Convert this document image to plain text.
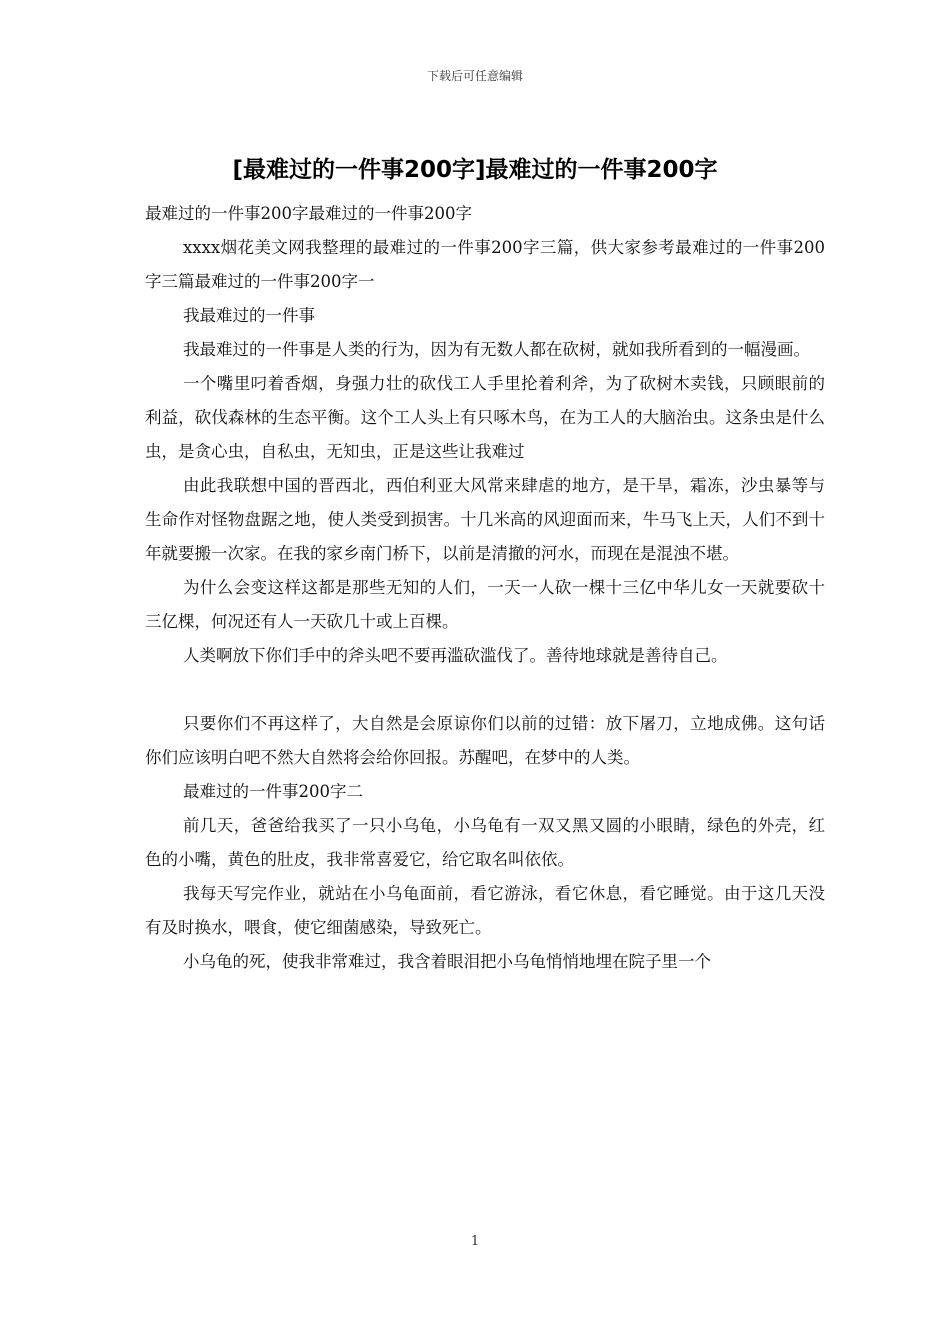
下载后可任意编辑
[最难过的一件事200字]最难过的一件事200字

最难过的一件事200字最难过的一件事200字

xxxx烟花美文网我整理的最难过的一件事200字三篇，供大家参考最难过的一件事200字三篇最难过的一件事200字一

我最难过的一件事

我最难过的一件事是人类的行为，因为有无数人都在砍树，就如我所看到的一幅漫画。

一个嘴里叼着香烟，身强力壮的砍伐工人手里抡着利斧，为了砍树木卖钱，只顾眼前的利益，砍伐森林的生态平衡。这个工人头上有只啄木鸟，在为工人的大脑治虫。这条虫是什么虫，是贪心虫，自私虫，无知虫，正是这些让我难过

由此我联想中国的晋西北，西伯利亚大风常来肆虐的地方，是干旱，霜冻，沙虫暴等与生命作对怪物盘踞之地，使人类受到损害。十几米高的风迎面而来，牛马飞上天，人们不到十年就要搬一次家。在我的家乡南门桥下，以前是清撤的河水，而现在是混浊不堪。

为什么会变这样这都是那些无知的人们，一天一人砍一棵十三亿中华儿女一天就要砍十三亿棵，何况还有人一天砍几十或上百棵。

人类啊放下你们手中的斧头吧不要再滥砍滥伐了。善待地球就是善待自己。

只要你们不再这样了，大自然是会原谅你们以前的过错：放下屠刀，立地成佛。这句话你们应该明白吧不然大自然将会给你回报。苏醒吧，在梦中的人类。

最难过的一件事200字二

前几天，爸爸给我买了一只小乌龟，小乌龟有一双又黑又圆的小眼睛，绿色的外壳，红色的小嘴，黄色的肚皮，我非常喜爱它，给它取名叫依依。

我每天写完作业，就站在小乌龟面前，看它游泳，看它休息，看它睡觉。由于这几天没有及时换水，喂食，使它细菌感染，导致死亡。

小乌龟的死，使我非常难过，我含着眼泪把小乌龟悄悄地埋在院子里一个

1
